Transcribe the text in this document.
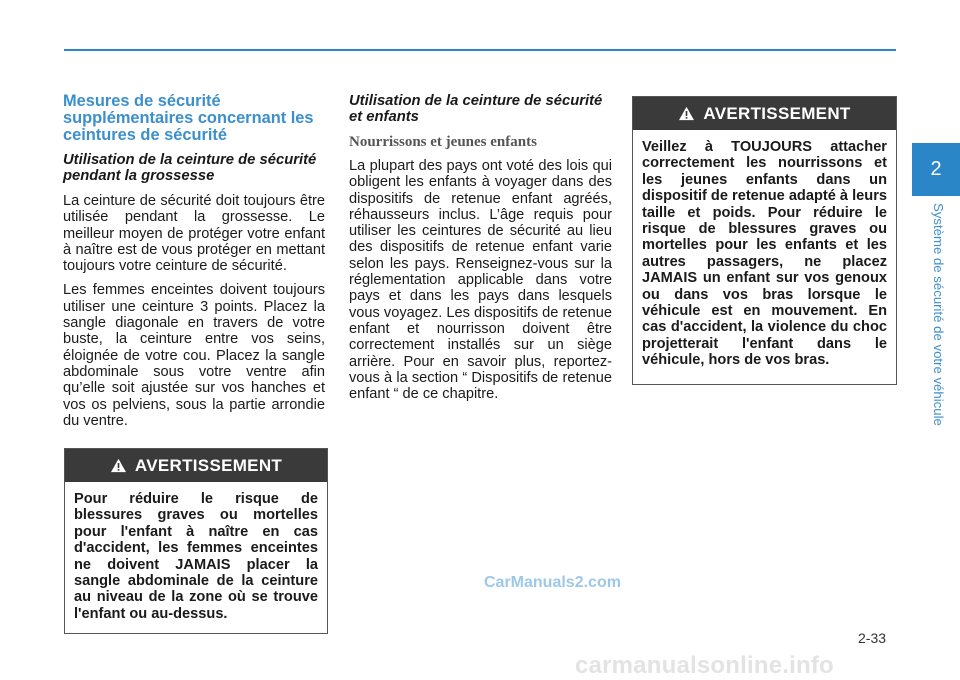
Mesures de sécurité supplémentaires concernant les ceintures de sécurité
Utilisation de la ceinture de sécurité pendant la grossesse

La ceinture de sécurité doit toujours être utilisée pendant la grossesse. Le meilleur moyen de protéger votre enfant à naître est de vous protéger en mettant toujours votre ceinture de sécurité.

Les femmes enceintes doivent toujours utiliser une ceinture 3 points. Placez la sangle diagonale en travers de votre buste, la ceinture entre vos seins, éloignée de votre cou. Placez la sangle abdominale sous votre ventre afin qu’elle soit ajustée sur vos hanches et vos os pelviens, sous la partie arrondie du ventre.

AVERTISSEMENT
Pour réduire le risque de blessures graves ou mortelles pour l'enfant à naître en cas d'accident, les femmes enceintes ne doivent JAMAIS placer la sangle abdominale de la ceinture au niveau de la zone où se trouve l'enfant ou au-dessus.
Utilisation de la ceinture de sécurité et enfants
Nourrissons et jeunes enfants

La plupart des pays ont voté des lois qui obligent les enfants à voyager dans des dispositifs de retenue enfant agréés, réhausseurs inclus. L’âge requis pour utiliser les ceintures de sécurité au lieu des dispositifs de retenue enfant varie selon les pays. Renseignez-vous sur la réglementation applicable dans votre pays et dans les pays dans lesquels vous voyagez. Les dispositifs de retenue enfant et nourrisson doivent être correctement installés sur un siège arrière. Pour en savoir plus, reportez-vous à la section “ Dispositifs de retenue enfant “ de ce chapitre.

AVERTISSEMENT
Veillez à TOUJOURS attacher correctement les nourrissons et les jeunes enfants dans un dispositif de retenue adapté à leurs taille et poids. Pour réduire le risque de blessures graves ou mortelles pour les enfants et les autres passagers, ne placez JAMAIS un enfant sur vos genoux ou dans vos bras lorsque le véhicule est en mouvement. En cas d'accident, la violence du choc projetterait l'enfant dans le véhicule, hors de vos bras.
2
Système de sécurité de votre véhicule
CarManuals2.com
2-33
carmanualsonline.info
